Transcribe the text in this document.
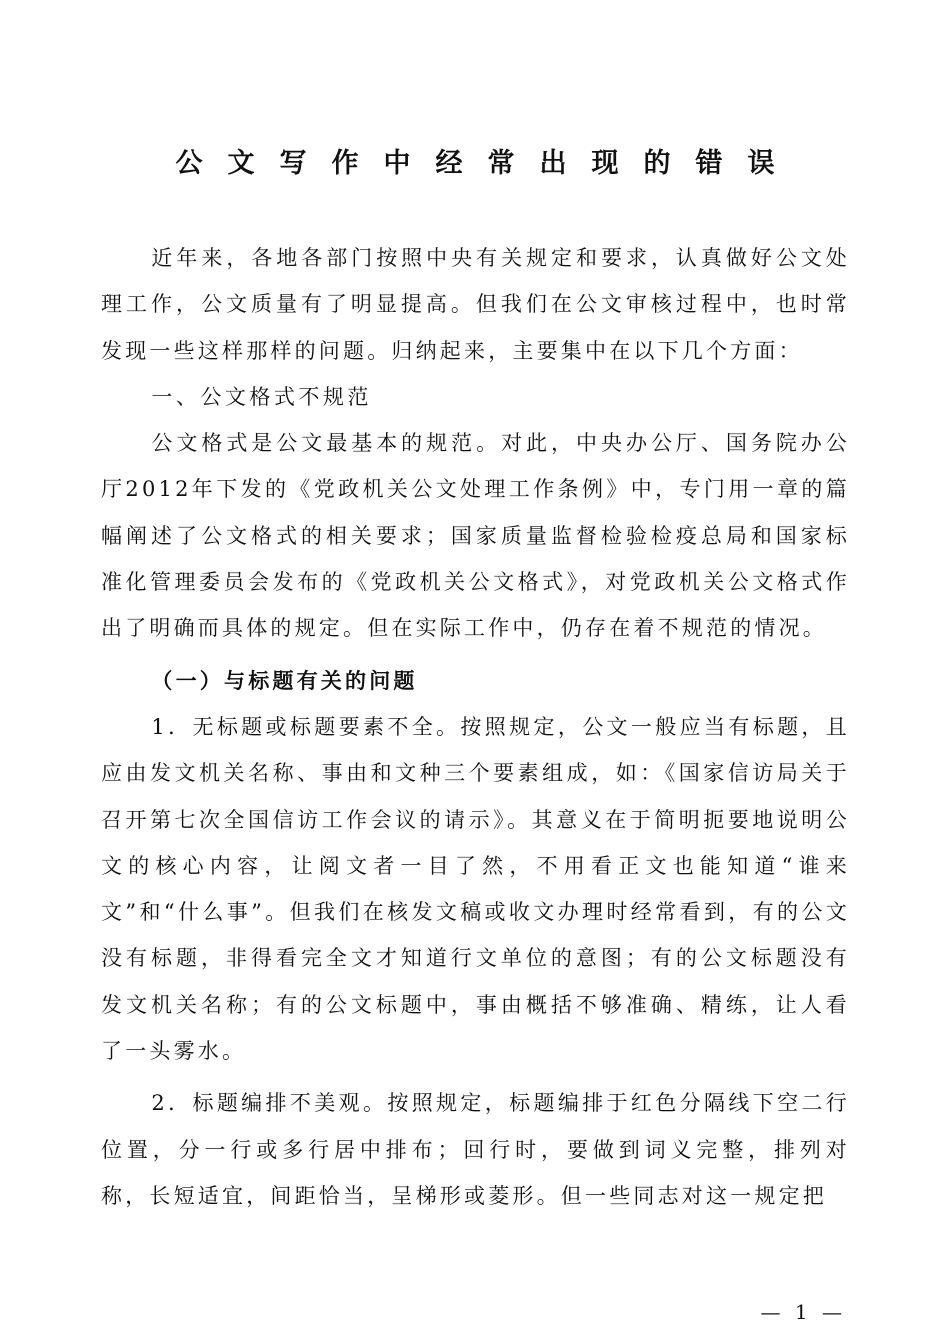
公文写作中经常出现的错误

近年来，各地各部门按照中央有关规定和要求，认真做好公文处理工作，公文质量有了明显提高。但我们在公文审核过程中，也时常发现一些这样那样的问题。归纳起来，主要集中在以下几个方面：

一、公文格式不规范

公文格式是公文最基本的规范。对此，中央办公厅、国务院办公厅2012年下发的《党政机关公文处理工作条例》中，专门用一章的篇幅阐述了公文格式的相关要求；国家质量监督检验检疫总局和国家标准化管理委员会发布的《党政机关公文格式》，对党政机关公文格式作出了明确而具体的规定。但在实际工作中，仍存在着不规范的情况。

（一）与标题有关的问题

1．无标题或标题要素不全。按照规定，公文一般应当有标题，且应由发文机关名称、事由和文种三个要素组成，如：《国家信访局关于召开第七次全国信访工作会议的请示》。其意义在于简明扼要地说明公文的核心内容，让阅文者一目了然，不用看正文也能知道“谁来文”和“什么事”。但我们在核发文稿或收文办理时经常看到，有的公文没有标题，非得看完全文才知道行文单位的意图；有的公文标题没有发文机关名称；有的公文标题中，事由概括不够准确、精练，让人看了一头雾水。

2．标题编排不美观。按照规定，标题编排于红色分隔线下空二行位置，分一行或多行居中排布；回行时，要做到词义完整，排列对称，长短适宜，间距恰当，呈梯形或菱形。但一些同志对这一规定把

— 1 —
